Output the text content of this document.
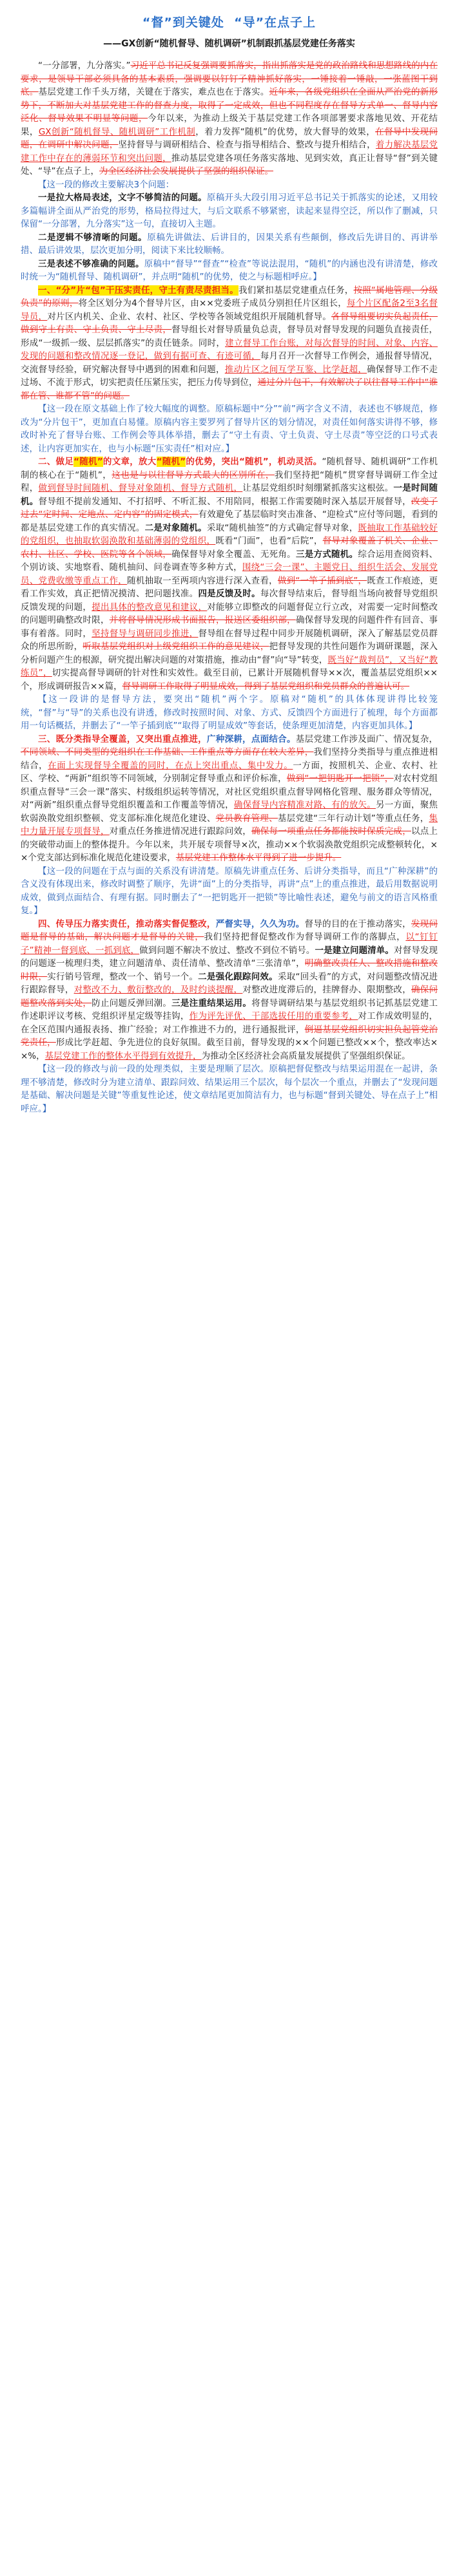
“督”到关键处  “导”在点子上
——GX创新“随机督导、随机调研”机制跟抓基层党建任务落实

“一分部署，九分落实。”习近平总书记反复强调要抓落实，指出抓落实是党的政治路线和思想路线的内在要求，是领导干部必须具备的基本素质，强调要以钉钉子精神抓好落实，一锤接着一锤敲，一张蓝图干到底。基层党建工作千头万绪，关键在于落实，难点也在于落实。近年来，各级党组织在全面从严治党的新形势下，不断加大对基层党建工作的督查力度，取得了一定成效，但也不同程度存在督导方式单一、督导内容泛化、督导效果不明显等问题，今年以来，为推动上级关于基层党建工作各项部署要求落地见效、开花结果，GX创新“随机督导、随机调研”工作机制，着力发挥“随机”的优势，放大督导的效果，在督导中发现问题，在调研中解决问题，坚持督导与调研相结合、检查与指导相结合、整改与提升相结合，着力解决基层党建工作中存在的薄弱环节和突出问题，推动基层党建各项任务落实落地、见到实效，真正让督导“督”到关键处、“导”在点子上，为全区经济社会发展提供了坚强的组织保证。

【这一段的修改主要解决3个问题：

一是拉大格局表述，文字不够简洁的问题。原稿开头大段引用习近平总书记关于抓落实的论述，又用较多篇幅讲全面从严治党的形势，格局拉得过大，与后文联系不够紧密，读起来显得空泛，所以作了删减，只保留“一分部署，九分落实”这一句，直接切入主题。

二是逻辑不够清晰的问题。原稿先讲做法、后讲目的，因果关系有些颠倒，修改后先讲目的、再讲举措、最后讲效果，层次更加分明，阅读下来比较顺畅。

三是表述不够准确的问题。原稿中“督导”“督查”“检查”等说法混用，“随机”的内涵也没有讲清楚，修改时统一为“随机督导、随机调研”，并点明“随机”的优势，使之与标题相呼应。】

一、“分”片“包”干压实责任，守土有责尽责担当。我们紧扣基层党建重点任务，按照“属地管理、分级负责”的原则，将全区划分为4个督导片区，由××党委班子成员分别担任片区组长，每个片区配备2至3名督导员，对片区内机关、企业、农村、社区、学校等各领域党组织开展随机督导。各督导组要切实负起责任，做到守土有责、守土负责、守土尽责，督导组长对督导质量负总责，督导员对督导发现的问题负直接责任，形成“一级抓一级、层层抓落实”的责任链条。同时，建立督导工作台账，对每次督导的时间、对象、内容、发现的问题和整改情况逐一登记，做到有据可查、有迹可循，每月召开一次督导工作例会，通报督导情况，交流督导经验，研究解决督导中遇到的困难和问题，推动片区之间互学互鉴、比学赶超，确保督导工作不走过场、不流于形式，切实把责任压紧压实，把压力传导到位，通过分片包干，有效解决了以往督导工作中“谁都在管、谁都不管”的问题。

【这一段在原文基础上作了较大幅度的调整。原稿标题中“分”“前”两字含义不清，表述也不够规范，修改为“分片包干”，更加直白易懂。原稿内容主要罗列了督导片区的划分情况，对责任如何落实讲得不够，修改时补充了督导台账、工作例会等具体举措，删去了“守土有责、守土负责、守土尽责”等空泛的口号式表述，让内容更加实在，也与小标题“压实责任”相对应。】

二、做足“随机”的文章，放大“随机”的优势，突出“随机”，机动灵活。“随机督导、随机调研”工作机制的核心在于“随机”，这也是与以往督导方式最大的区别所在，我们坚持把“随机”贯穿督导调研工作全过程，做到督导时间随机、督导对象随机、督导方式随机，让基层党组织时刻绷紧抓落实这根弦。一是时间随机。督导组不提前发通知、不打招呼、不听汇报、不用陪同，根据工作需要随时深入基层开展督导，改变了过去“定时间、定地点、定内容”的固定模式，有效避免了基层临时突击准备、“迎检式”应付等问题，看到的都是基层党建工作的真实情况。二是对象随机。采取“随机抽签”的方式确定督导对象，既抽取工作基础较好的党组织，也抽取软弱涣散和基础薄弱的党组织，既看“门面”，也看“后院”，督导对象覆盖了机关、企业、农村、社区、学校、医院等各个领域，确保督导对象全覆盖、无死角。三是方式随机。综合运用查阅资料、个别访谈、实地察看、随机抽问、问卷调查等多种方式，围绕“三会一课”、主题党日、组织生活会、发展党员、党费收缴等重点工作，随机抽取一至两项内容进行深入查看，做到“一竿子插到底”，既查工作痕迹，更看工作实效，真正把情况摸清、把问题找准。四是反馈及时。每次督导结束后，督导组当场向被督导党组织反馈发现的问题，提出具体的整改意见和建议，对能够立即整改的问题督促立行立改，对需要一定时间整改的问题明确整改时限，并将督导情况形成书面报告，报送区委组织部，确保督导发现的问题件件有回音、事事有着落。同时，坚持督导与调研同步推进，督导组在督导过程中同步开展随机调研，深入了解基层党员群众的所思所盼，听取基层党组织对上级党组织工作的意见建议，把督导发现的共性问题作为调研课题，深入分析问题产生的根源，研究提出解决问题的对策措施，推动由“督”向“导”转变，既当好“裁判员”，又当好“教练员”，切实提高督导调研的针对性和实效性。截至目前，已累计开展随机督导××次，覆盖基层党组织××个，形成调研报告××篇，督导调研工作取得了明显成效，得到了基层党组织和党员群众的普遍认可。

【这一段讲的是督导方法，要突出“随机”两个字。原稿对“随机”的具体体现讲得比较笼统，“督”与“导”的关系也没有讲透，修改时按照时间、对象、方式、反馈四个方面进行了梳理，每个方面都用一句话概括，并删去了“一竿子插到底”“取得了明显成效”等套话，使条理更加清楚，内容更加具体。】

三、既分类指导全覆盖，又突出重点推进，广种深耕，点面结合。基层党建工作涉及面广、情况复杂，不同领域、不同类型的党组织在工作基础、工作重点等方面存在较大差异，我们坚持分类指导与重点推进相结合，在面上实现督导全覆盖的同时，在点上突出重点、集中发力。一方面，按照机关、企业、农村、社区、学校、“两新”组织等不同领域，分别制定督导重点和评价标准，做到“一把钥匙开一把锁”，对农村党组织重点督导“三会一课”落实、村级组织运转等情况，对社区党组织重点督导网格化管理、服务群众等情况，对“两新”组织重点督导党组织覆盖和工作覆盖等情况，确保督导内容精准对路、有的放矢。另一方面，聚焦软弱涣散党组织整顿、党支部标准化规范化建设、党员教育管理、基层党建“三年行动计划”等重点任务，集中力量开展专项督导，对重点任务推进情况进行跟踪问效，确保每一项重点任务都能按时保质完成，以点上的突破带动面上的整体提升。今年以来，共开展专项督导×次，推动××个软弱涣散党组织完成整顿转化，××个党支部达到标准化规范化建设要求，基层党建工作整体水平得到了进一步提升。

【这一段的问题在于点与面的关系没有讲清楚。原稿先讲重点任务、后讲分类指导，而且“广种深耕”的含义没有体现出来，修改时调整了顺序，先讲“面”上的分类指导，再讲“点”上的重点推进，最后用数据说明成效，做到点面结合、有理有据。同时删去了“一把钥匙开一把锁”等比喻性表述，避免与前文的语言风格重复。】

四、传导压力落实责任，推动落实督促整改，严督实导，久久为功。督导的目的在于推动落实，发现问题是督导的基础，解决问题才是督导的关键，我们坚持把督促整改作为督导调研工作的落脚点，以“钉钉子”精神一督到底、一抓到底，做到问题不解决不放过、整改不到位不销号。一是建立问题清单。对督导发现的问题逐一梳理归类，建立问题清单、责任清单、整改清单“三张清单”，明确整改责任人、整改措施和整改时限，实行销号管理，整改一个、销号一个。二是强化跟踪问效。采取“回头看”的方式，对问题整改情况进行跟踪督导，对整改不力、敷衍整改的，及时约谈提醒，对整改进度滞后的，挂牌督办、限期整改，确保问题整改落到实处，防止问题反弹回潮。三是注重结果运用。将督导调研结果与基层党组织书记抓基层党建工作述职评议考核、党组织评星定级等挂钩，作为评先评优、干部选拔任用的重要参考，对工作成效明显的，在全区范围内通报表扬、推广经验；对工作推进不力的，进行通报批评，倒逼基层党组织切实担负起管党治党责任，形成比学赶超、争先进位的良好氛围。截至目前，督导发现的××个问题已整改××个，整改率达××%，基层党建工作的整体水平得到有效提升，为推动全区经济社会高质量发展提供了坚强组织保证。

【这一段的修改与前一段的处理类似，主要是理顺了层次。原稿把督促整改与结果运用混在一起讲，条理不够清楚，修改时分为建立清单、跟踪问效、结果运用三个层次，每个层次一个重点，并删去了“发现问题是基础、解决问题是关键”等重复性论述，使文章结尾更加简洁有力，也与标题“督到关键处、导在点子上”相呼应。】
